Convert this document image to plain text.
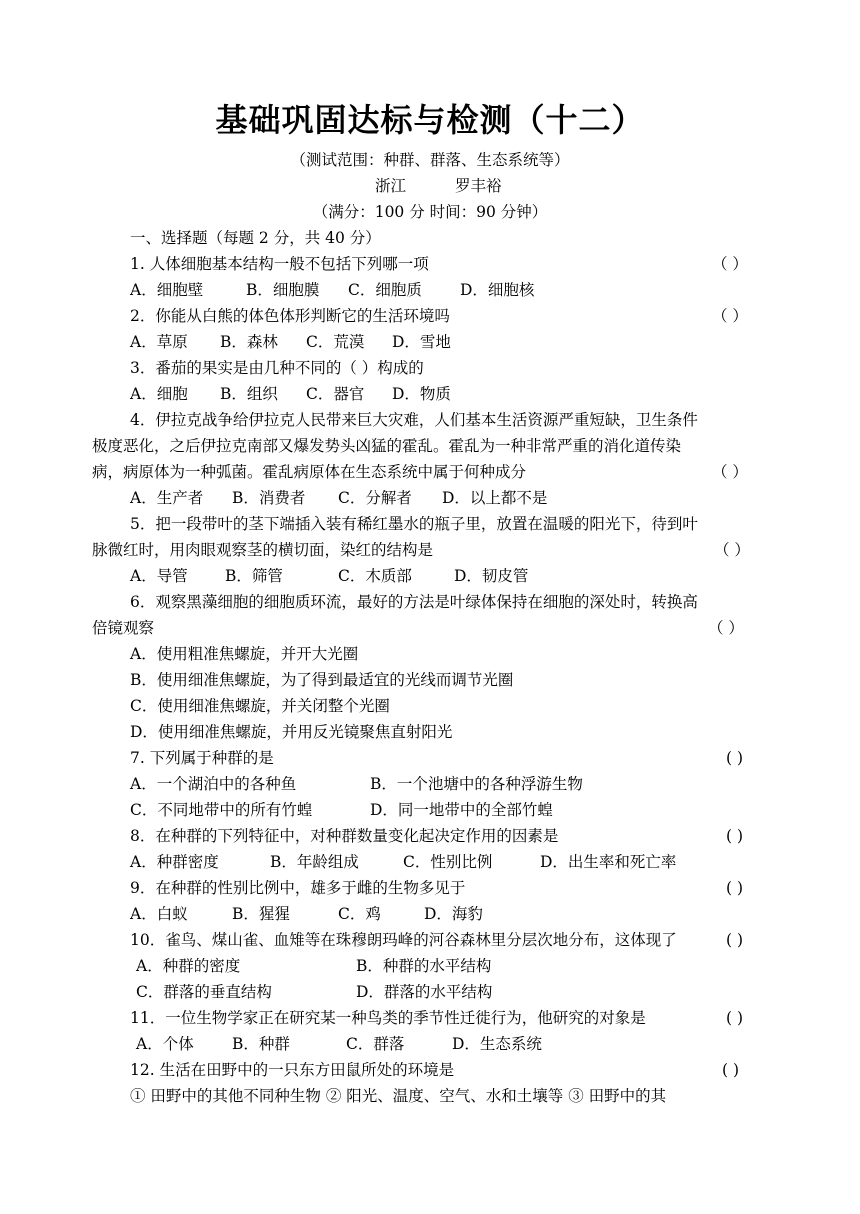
基础巩固达标与检测（十二）
（测试范围：种群、群落、生态系统等）
浙江	罗丰裕
（满分：100 分 时间：90 分钟）
一、选择题（每题 2 分，共 40 分）
1. 人体细胞基本结构一般不包括下列哪一项	（ ）
A．细胞壁	B．细胞膜 C．细胞质 D．细胞核
2．你能从白熊的体色体形判断它的生活环境吗	（ ）
A．草原 B．森林 C．荒漠 D．雪地
3．番茄的果实是由几种不同的（ ）构成的
A．细胞 B．组织 C．器官 D．物质
4．伊拉克战争给伊拉克人民带来巨大灾难，人们基本生活资源严重短缺，卫生条件
极度恶化，之后伊拉克南部又爆发势头凶猛的霍乱。霍乱为一种非常严重的消化道传染
病，病原体为一种弧菌。霍乱病原体在生态系统中属于何种成分	（ ）
A．生产者 B．消费者 C．分解者 D．以上都不是
5．把一段带叶的茎下端插入装有稀红墨水的瓶子里，放置在温暖的阳光下，待到叶
脉微红时，用肉眼观察茎的横切面，染红的结构是	（ ）
A．导管 B．筛管	C．木质部	D．韧皮管
6．观察黑藻细胞的细胞质环流，最好的方法是叶绿体保持在细胞的深处时，转换高
倍镜观察	（ ）
A．使用粗准焦螺旋，并开大光圈
B．使用细准焦螺旋，为了得到最适宜的光线而调节光圈
C．使用细准焦螺旋，并关闭整个光圈
D．使用细准焦螺旋，并用反光镜聚焦直射阳光
7. 下列属于种群的是	( )
A．一个湖泊中的各种鱼	B．一个池塘中的各种浮游生物
C．不同地带中的所有竹蝗	D．同一地带中的全部竹蝗
8．在种群的下列特征中，对种群数量变化起决定作用的因素是	( )
A．种群密度	B．年龄组成	C．性别比例	D．出生率和死亡率
9．在种群的性别比例中，雄多于雌的生物多见于	( )
A．白蚁	B．猩猩	C．鸡	D．海豹
10．雀鸟、煤山雀、血雉等在珠穆朗玛峰的河谷森林里分层次地分布，这体现了	( )
A．种群的密度	B．种群的水平结构
C．群落的垂直结构	D．群落的水平结构
11．一位生物学家正在研究某一种鸟类的季节性迁徙行为，他研究的对象是	( )
A．个体 B．种群	C．群落	D．生态系统
12. 生活在田野中的一只东方田鼠所处的环境是	( )
① 田野中的其他不同种生物 ② 阳光、温度、空气、水和土壤等 ③ 田野中的其
